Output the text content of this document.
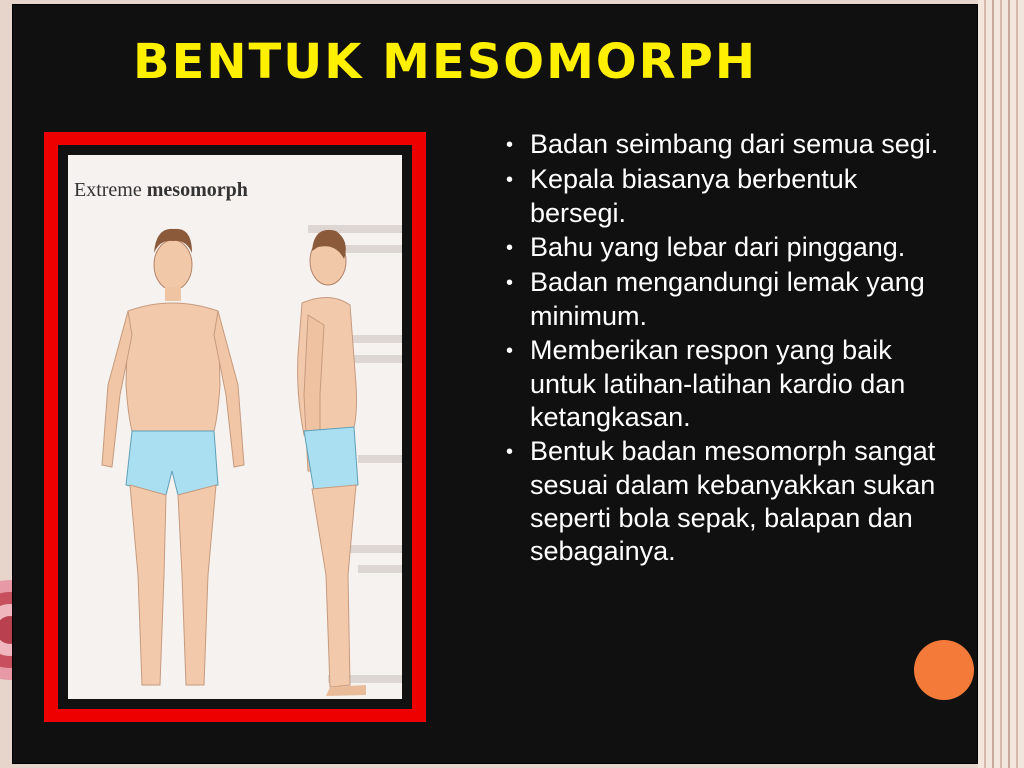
BENTUK MESOMORPH
Extreme mesomorph
• Badan seimbang dari semua segi.
• Kepala biasanya berbentuk bersegi.
• Bahu yang lebar dari pinggang.
• Badan mengandungi lemak yang minimum.
• Memberikan respon yang baik untuk latihan-latihan kardio dan ketangkasan.
• Bentuk badan mesomorph sangat sesuai dalam kebanyakkan sukan seperti bola sepak, balapan dan sebagainya.
